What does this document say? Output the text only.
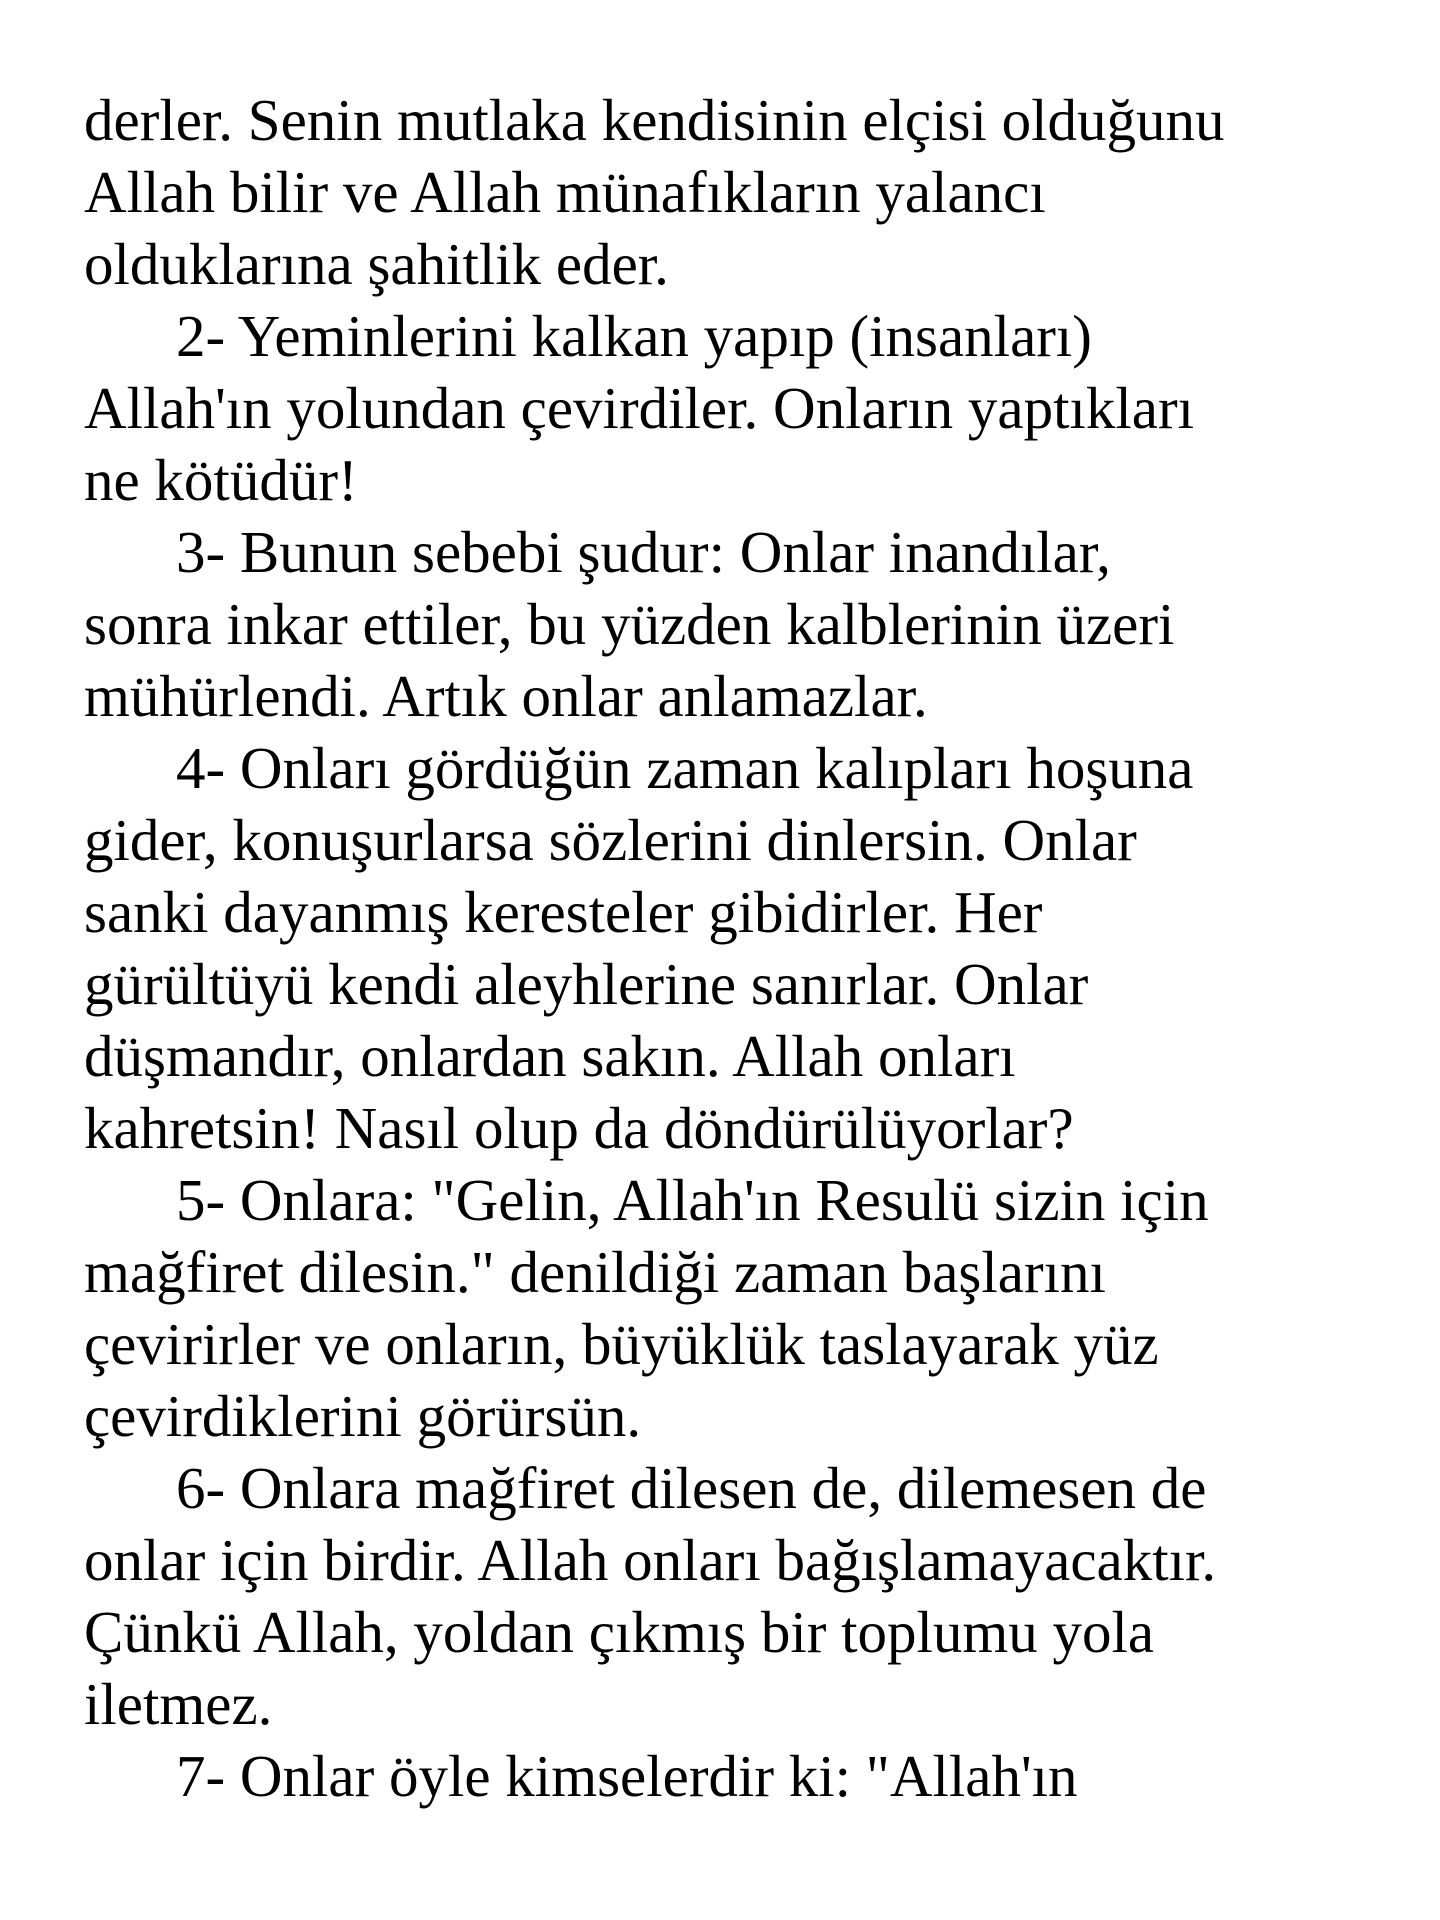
derler. Senin mutlaka kendisinin elçisi olduğunu
Allah bilir ve Allah münafıkların yalancı
olduklarına şahitlik eder.
2- Yeminlerini kalkan yapıp (insanları)
Allah'ın yolundan çevirdiler. Onların yaptıkları
ne kötüdür!
3- Bunun sebebi şudur: Onlar inandılar,
sonra inkar ettiler, bu yüzden kalblerinin üzeri
mühürlendi. Artık onlar anlamazlar.
4- Onları gördüğün zaman kalıpları hoşuna
gider, konuşurlarsa sözlerini dinlersin. Onlar
sanki dayanmış keresteler gibidirler. Her
gürültüyü kendi aleyhlerine sanırlar. Onlar
düşmandır, onlardan sakın. Allah onları
kahretsin! Nasıl olup da döndürülüyorlar?
5- Onlara: "Gelin, Allah'ın Resulü sizin için
mağfiret dilesin." denildiği zaman başlarını
çevirirler ve onların, büyüklük taslayarak yüz
çevirdiklerini görürsün.
6- Onlara mağfiret dilesen de, dilemesen de
onlar için birdir. Allah onları bağışlamayacaktır.
Çünkü Allah, yoldan çıkmış bir toplumu yola
iletmez.
7- Onlar öyle kimselerdir ki: "Allah'ın
